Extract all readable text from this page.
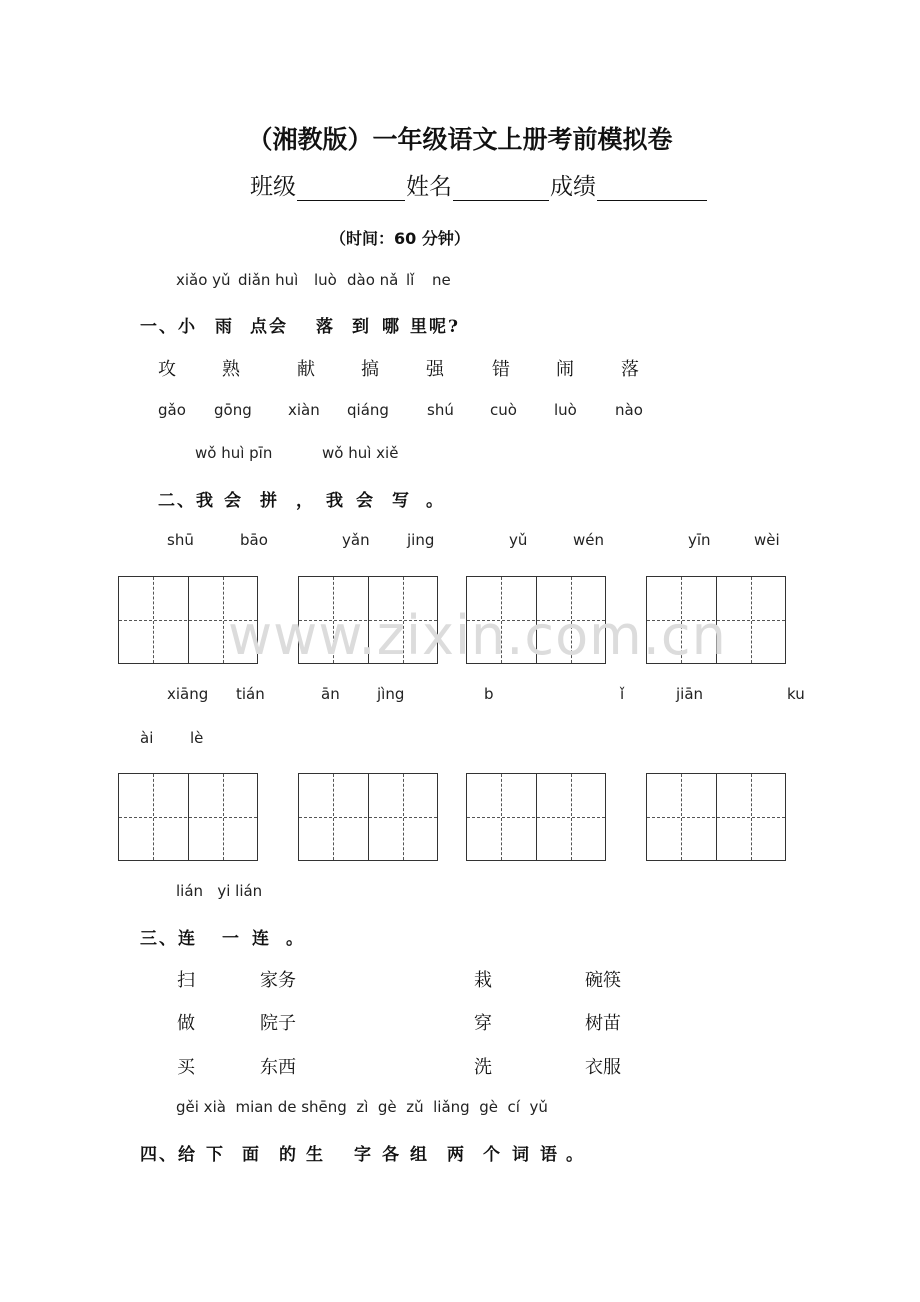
（湘教版）一年级语文上册考前模拟卷
班级	姓名	成绩
（时间：60 分钟）
xiǎo yǔ diǎn huì luò dào nǎ lǐ ne
一、小 雨 点会 落 到 哪 里呢?
攻	熟	献	搞	强	错	闹	落
gǎo gōng xiàn qiáng	shú cuò luò	nào
wǒ huì pīn	wǒ huì xiě
二、我 会 拼 ， 我 会 写 。
shū	bāo	yǎn jing	yǔ	wén	yīn	wèi
xiāng tián	ān jìng	b	ǐ	jiān	ku
ài lè
lián   yi lián
三、连 一 连 。
扫	家务	栽	碗筷
做	院子	穿	树苗
买	东西	洗	衣服
gěi xià  mian de shēng  zì  gè  zǔ  liǎng  gè  cí  yǔ
四、给 下 面 的 生 字 各 组 两 个 词 语 。
www.zixin.com.cn
